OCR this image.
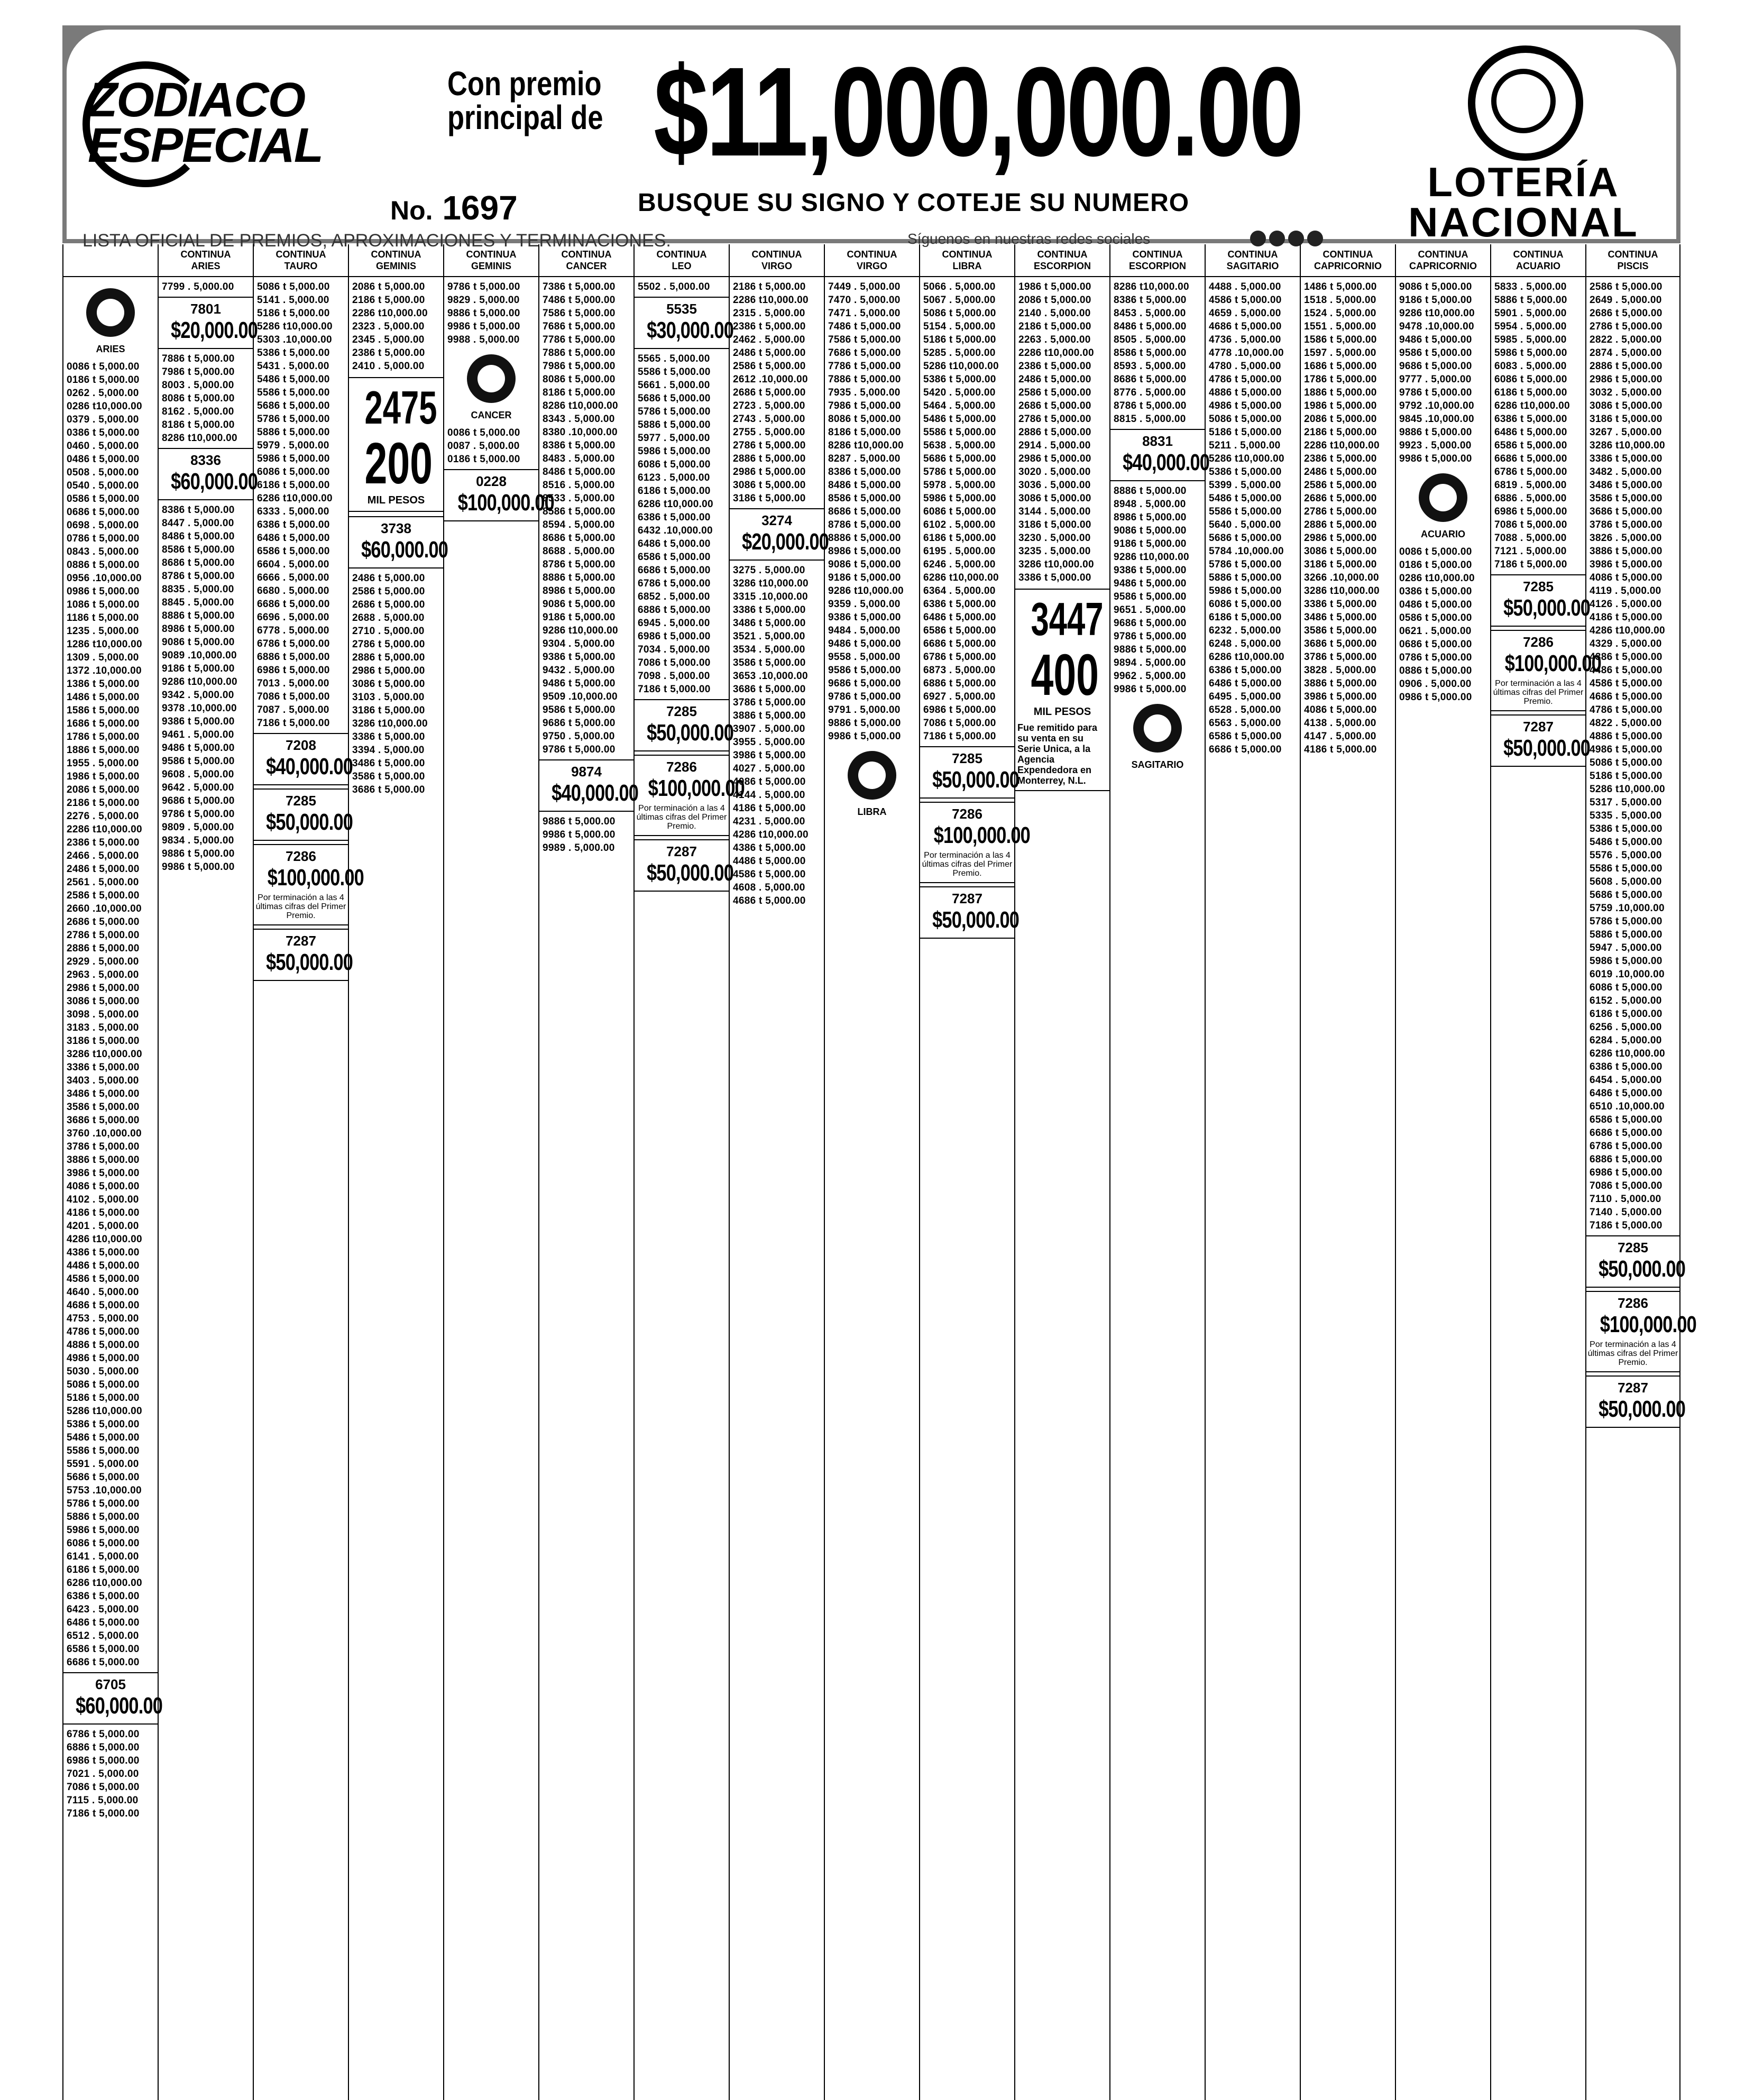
ZODIACO
ESPECIAL
No. 1697
Con premio
principal de $11,000,000.00
BUSQUE SU SIGNO Y COTEJE SU NUMERO
LISTA OFICIAL DE PREMIOS, APROXIMACIONES Y TERMINACIONES.	Síguenos en nuestras redes sociales
LOTERÍA
NACIONAL
ARIES
0086 t 5,000.00
0186 t 5,000.00
0262 . 5,000.00
0286 t10,000.00
0379 . 5,000.00
0386 t 5,000.00
0460 . 5,000.00
0486 t 5,000.00
0508 . 5,000.00
0540 . 5,000.00
0586 t 5,000.00
0686 t 5,000.00
0698 . 5,000.00
0786 t 5,000.00
0843 . 5,000.00
0886 t 5,000.00
0956 .10,000.00
0986 t 5,000.00
1086 t 5,000.00
1186 t 5,000.00
1235 . 5,000.00
1286 t10,000.00
1309 . 5,000.00
1372 .10,000.00
1386 t 5,000.00
1486 t 5,000.00
1586 t 5,000.00
1686 t 5,000.00
1786 t 5,000.00
1886 t 5,000.00
1955 . 5,000.00
1986 t 5,000.00
2086 t 5,000.00
2186 t 5,000.00
2276 . 5,000.00
2286 t10,000.00
2386 t 5,000.00
2466 . 5,000.00
2486 t 5,000.00
2561 . 5,000.00
2586 t 5,000.00
2660 .10,000.00
2686 t 5,000.00
2786 t 5,000.00
2886 t 5,000.00
2929 . 5,000.00
2963 . 5,000.00
2986 t 5,000.00
3086 t 5,000.00
3098 . 5,000.00
3183 . 5,000.00
3186 t 5,000.00
3286 t10,000.00
3386 t 5,000.00
3403 . 5,000.00
3486 t 5,000.00
3586 t 5,000.00
3686 t 5,000.00
3760 .10,000.00
3786 t 5,000.00
3886 t 5,000.00
3986 t 5,000.00
4086 t 5,000.00
4102 . 5,000.00
4186 t 5,000.00
4201 . 5,000.00
4286 t10,000.00
4386 t 5,000.00
4486 t 5,000.00
4586 t 5,000.00
4640 . 5,000.00
4686 t 5,000.00
4753 . 5,000.00
4786 t 5,000.00
4886 t 5,000.00
4986 t 5,000.00
5030 . 5,000.00
5086 t 5,000.00
5186 t 5,000.00
5286 t10,000.00
5386 t 5,000.00
5486 t 5,000.00
5586 t 5,000.00
5591 . 5,000.00
5686 t 5,000.00
5753 .10,000.00
5786 t 5,000.00
5886 t 5,000.00
5986 t 5,000.00
6086 t 5,000.00
6141 . 5,000.00
6186 t 5,000.00
6286 t10,000.00
6386 t 5,000.00
6423 . 5,000.00
6486 t 5,000.00
6512 . 5,000.00
6586 t 5,000.00
6686 t 5,000.00
6705
$60,000.00
6786 t 5,000.00
6886 t 5,000.00
6986 t 5,000.00
7021 . 5,000.00
7086 t 5,000.00
7115 . 5,000.00
7186 t 5,000.00
CONTINUA
ARIES
7799 . 5,000.00
7801
$20,000.00
7886 t 5,000.00
7986 t 5,000.00
8003 . 5,000.00
8086 t 5,000.00
8162 . 5,000.00
8186 t 5,000.00
8286 t10,000.00
8336
$60,000.00
8386 t 5,000.00
8447 . 5,000.00
8486 t 5,000.00
8586 t 5,000.00
8686 t 5,000.00
8786 t 5,000.00
8835 . 5,000.00
8845 . 5,000.00
8886 t 5,000.00
8986 t 5,000.00
9086 t 5,000.00
9089 .10,000.00
9186 t 5,000.00
9286 t10,000.00
9342 . 5,000.00
9378 .10,000.00
9386 t 5,000.00
9461 . 5,000.00
9486 t 5,000.00
9586 t 5,000.00
9608 . 5,000.00
9642 . 5,000.00
9686 t 5,000.00
9786 t 5,000.00
9809 . 5,000.00
9834 . 5,000.00
9886 t 5,000.00
9986 t 5,000.00
CONTINUA
TAURO
5086 t 5,000.00
5141 . 5,000.00
5186 t 5,000.00
5286 t10,000.00
5303 .10,000.00
5386 t 5,000.00
5431 . 5,000.00
5486 t 5,000.00
5586 t 5,000.00
5686 t 5,000.00
5786 t 5,000.00
5886 t 5,000.00
5979 . 5,000.00
5986 t 5,000.00
6086 t 5,000.00
6186 t 5,000.00
6286 t10,000.00
6333 . 5,000.00
6386 t 5,000.00
6486 t 5,000.00
6586 t 5,000.00
6604 . 5,000.00
6666 . 5,000.00
6680 . 5,000.00
6686 t 5,000.00
6696 . 5,000.00
6778 . 5,000.00
6786 t 5,000.00
6886 t 5,000.00
6986 t 5,000.00
7013 . 5,000.00
7086 t 5,000.00
7087 . 5,000.00
7186 t 5,000.00
7208
$40,000.00
7285
$50,000.00
7286
$100,000.00
Por terminación a las 4 últimas cifras del Primer Premio.
7287
$50,000.00
CONTINUA
GEMINIS
2086 t 5,000.00
2186 t 5,000.00
2286 t10,000.00
2323 . 5,000.00
2345 . 5,000.00
2386 t 5,000.00
2410 . 5,000.00
2475
200
MIL PESOS
3738
$60,000.00
2486 t 5,000.00
2586 t 5,000.00
2686 t 5,000.00
2688 . 5,000.00
2710 . 5,000.00
2786 t 5,000.00
2886 t 5,000.00
2986 t 5,000.00
3086 t 5,000.00
3103 . 5,000.00
3186 t 5,000.00
3286 t10,000.00
3386 t 5,000.00
3394 . 5,000.00
3486 t 5,000.00
3586 t 5,000.00
3686 t 5,000.00
CONTINUA
GEMINIS
9786 t 5,000.00
9829 . 5,000.00
9886 t 5,000.00
9986 t 5,000.00
9988 . 5,000.00
CANCER
0086 t 5,000.00
0087 . 5,000.00
0186 t 5,000.00
0228
$100,000.00
CONTINUA
CANCER
7386 t 5,000.00
7486 t 5,000.00
7586 t 5,000.00
7686 t 5,000.00
7786 t 5,000.00
7886 t 5,000.00
7986 t 5,000.00
8086 t 5,000.00
8186 t 5,000.00
8286 t10,000.00
8343 . 5,000.00
8380 .10,000.00
8386 t 5,000.00
8483 . 5,000.00
8486 t 5,000.00
8516 . 5,000.00
8533 . 5,000.00
8586 t 5,000.00
8594 . 5,000.00
8686 t 5,000.00
8688 . 5,000.00
8786 t 5,000.00
8886 t 5,000.00
8986 t 5,000.00
9086 t 5,000.00
9186 t 5,000.00
9286 t10,000.00
9304 . 5,000.00
9386 t 5,000.00
9432 . 5,000.00
9486 t 5,000.00
9509 .10,000.00
9586 t 5,000.00
9686 t 5,000.00
9750 . 5,000.00
9786 t 5,000.00
9874
$40,000.00
9886 t 5,000.00
9986 t 5,000.00
9989 . 5,000.00
CONTINUA
LEO
5502 . 5,000.00
5535
$30,000.00
5565 . 5,000.00
5586 t 5,000.00
5661 . 5,000.00
5686 t 5,000.00
5786 t 5,000.00
5886 t 5,000.00
5977 . 5,000.00
5986 t 5,000.00
6086 t 5,000.00
6123 . 5,000.00
6186 t 5,000.00
6286 t10,000.00
6386 t 5,000.00
6432 .10,000.00
6486 t 5,000.00
6586 t 5,000.00
6686 t 5,000.00
6786 t 5,000.00
6852 . 5,000.00
6886 t 5,000.00
6945 . 5,000.00
6986 t 5,000.00
7034 . 5,000.00
7086 t 5,000.00
7098 . 5,000.00
7186 t 5,000.00
7285
$50,000.00
7286
$100,000.00
Por terminación a las 4 últimas cifras del Primer Premio.
7287
$50,000.00
CONTINUA
VIRGO
2186 t 5,000.00
2286 t10,000.00
2315 . 5,000.00
2386 t 5,000.00
2462 . 5,000.00
2486 t 5,000.00
2586 t 5,000.00
2612 .10,000.00
2686 t 5,000.00
2723 . 5,000.00
2743 . 5,000.00
2755 . 5,000.00
2786 t 5,000.00
2886 t 5,000.00
2986 t 5,000.00
3086 t 5,000.00
3186 t 5,000.00
3274
$20,000.00
3275 . 5,000.00
3286 t10,000.00
3315 .10,000.00
3386 t 5,000.00
3486 t 5,000.00
3521 . 5,000.00
3534 . 5,000.00
3586 t 5,000.00
3653 .10,000.00
3686 t 5,000.00
3786 t 5,000.00
3886 t 5,000.00
3907 . 5,000.00
3955 . 5,000.00
3986 t 5,000.00
4027 . 5,000.00
4086 t 5,000.00
4144 . 5,000.00
4186 t 5,000.00
4231 . 5,000.00
4286 t10,000.00
4386 t 5,000.00
4486 t 5,000.00
4586 t 5,000.00
4608 . 5,000.00
4686 t 5,000.00
CONTINUA
VIRGO
7449 . 5,000.00
7470 . 5,000.00
7471 . 5,000.00
7486 t 5,000.00
7586 t 5,000.00
7686 t 5,000.00
7786 t 5,000.00
7886 t 5,000.00
7935 . 5,000.00
7986 t 5,000.00
8086 t 5,000.00
8186 t 5,000.00
8286 t10,000.00
8287 . 5,000.00
8386 t 5,000.00
8486 t 5,000.00
8586 t 5,000.00
8686 t 5,000.00
8786 t 5,000.00
8886 t 5,000.00
8986 t 5,000.00
9086 t 5,000.00
9186 t 5,000.00
9286 t10,000.00
9359 . 5,000.00
9386 t 5,000.00
9484 . 5,000.00
9486 t 5,000.00
9558 . 5,000.00
9586 t 5,000.00
9686 t 5,000.00
9786 t 5,000.00
9791 . 5,000.00
9886 t 5,000.00
9986 t 5,000.00
LIBRA
CONTINUA
LIBRA
5066 . 5,000.00
5067 . 5,000.00
5086 t 5,000.00
5154 . 5,000.00
5186 t 5,000.00
5285 . 5,000.00
5286 t10,000.00
5386 t 5,000.00
5420 . 5,000.00
5464 . 5,000.00
5486 t 5,000.00
5586 t 5,000.00
5638 . 5,000.00
5686 t 5,000.00
5786 t 5,000.00
5978 . 5,000.00
5986 t 5,000.00
6086 t 5,000.00
6102 . 5,000.00
6186 t 5,000.00
6195 . 5,000.00
6246 . 5,000.00
6286 t10,000.00
6364 . 5,000.00
6386 t 5,000.00
6486 t 5,000.00
6586 t 5,000.00
6686 t 5,000.00
6786 t 5,000.00
6873 . 5,000.00
6886 t 5,000.00
6927 . 5,000.00
6986 t 5,000.00
7086 t 5,000.00
7186 t 5,000.00
7285
$50,000.00
7286
$100,000.00
Por terminación a las 4 últimas cifras del Primer Premio.
7287
$50,000.00
CONTINUA
ESCORPION
1986 t 5,000.00
2086 t 5,000.00
2140 . 5,000.00
2186 t 5,000.00
2263 . 5,000.00
2286 t10,000.00
2386 t 5,000.00
2486 t 5,000.00
2586 t 5,000.00
2686 t 5,000.00
2786 t 5,000.00
2886 t 5,000.00
2914 . 5,000.00
2986 t 5,000.00
3020 . 5,000.00
3036 . 5,000.00
3086 t 5,000.00
3144 . 5,000.00
3186 t 5,000.00
3230 . 5,000.00
3235 . 5,000.00
3286 t10,000.00
3386 t 5,000.00
3447
400
MIL PESOS
Fue remitido para su venta en su Serie Unica, a la Agencia Expendedora en Monterrey, N.L.
CONTINUA
ESCORPION
8286 t10,000.00
8386 t 5,000.00
8453 . 5,000.00
8486 t 5,000.00
8505 . 5,000.00
8586 t 5,000.00
8593 . 5,000.00
8686 t 5,000.00
8776 . 5,000.00
8786 t 5,000.00
8815 . 5,000.00
8831
$40,000.00
8886 t 5,000.00
8948 . 5,000.00
8986 t 5,000.00
9086 t 5,000.00
9186 t 5,000.00
9286 t10,000.00
9386 t 5,000.00
9486 t 5,000.00
9586 t 5,000.00
9651 . 5,000.00
9686 t 5,000.00
9786 t 5,000.00
9886 t 5,000.00
9894 . 5,000.00
9962 . 5,000.00
9986 t 5,000.00
SAGITARIO
CONTINUA
SAGITARIO
4488 . 5,000.00
4586 t 5,000.00
4659 . 5,000.00
4686 t 5,000.00
4736 . 5,000.00
4778 .10,000.00
4780 . 5,000.00
4786 t 5,000.00
4886 t 5,000.00
4986 t 5,000.00
5086 t 5,000.00
5186 t 5,000.00
5211 . 5,000.00
5286 t10,000.00
5386 t 5,000.00
5399 . 5,000.00
5486 t 5,000.00
5586 t 5,000.00
5640 . 5,000.00
5686 t 5,000.00
5784 .10,000.00
5786 t 5,000.00
5886 t 5,000.00
5986 t 5,000.00
6086 t 5,000.00
6186 t 5,000.00
6232 . 5,000.00
6248 . 5,000.00
6286 t10,000.00
6386 t 5,000.00
6486 t 5,000.00
6495 . 5,000.00
6528 . 5,000.00
6563 . 5,000.00
6586 t 5,000.00
6686 t 5,000.00
CONTINUA
CAPRICORNIO
1486 t 5,000.00
1518 . 5,000.00
1524 . 5,000.00
1551 . 5,000.00
1586 t 5,000.00
1597 . 5,000.00
1686 t 5,000.00
1786 t 5,000.00
1886 t 5,000.00
1986 t 5,000.00
2086 t 5,000.00
2186 t 5,000.00
2286 t10,000.00
2386 t 5,000.00
2486 t 5,000.00
2586 t 5,000.00
2686 t 5,000.00
2786 t 5,000.00
2886 t 5,000.00
2986 t 5,000.00
3086 t 5,000.00
3186 t 5,000.00
3266 .10,000.00
3286 t10,000.00
3386 t 5,000.00
3486 t 5,000.00
3586 t 5,000.00
3686 t 5,000.00
3786 t 5,000.00
3828 . 5,000.00
3886 t 5,000.00
3986 t 5,000.00
4086 t 5,000.00
4138 . 5,000.00
4147 . 5,000.00
4186 t 5,000.00
CONTINUA
CAPRICORNIO
9086 t 5,000.00
9186 t 5,000.00
9286 t10,000.00
9478 .10,000.00
9486 t 5,000.00
9586 t 5,000.00
9686 t 5,000.00
9777 . 5,000.00
9786 t 5,000.00
9792 .10,000.00
9845 .10,000.00
9886 t 5,000.00
9923 . 5,000.00
9986 t 5,000.00
ACUARIO
0086 t 5,000.00
0186 t 5,000.00
0286 t10,000.00
0386 t 5,000.00
0486 t 5,000.00
0586 t 5,000.00
0621 . 5,000.00
0686 t 5,000.00
0786 t 5,000.00
0886 t 5,000.00
0906 . 5,000.00
0986 t 5,000.00
CONTINUA
ACUARIO
5833 . 5,000.00
5886 t 5,000.00
5901 . 5,000.00
5954 . 5,000.00
5985 . 5,000.00
5986 t 5,000.00
6083 . 5,000.00
6086 t 5,000.00
6186 t 5,000.00
6286 t10,000.00
6386 t 5,000.00
6486 t 5,000.00
6586 t 5,000.00
6686 t 5,000.00
6786 t 5,000.00
6819 . 5,000.00
6886 . 5,000.00
6986 t 5,000.00
7086 t 5,000.00
7088 . 5,000.00
7121 . 5,000.00
7186 t 5,000.00
7285
$50,000.00
7286
$100,000.00
Por terminación a las 4 últimas cifras del Primer Premio.
7287
$50,000.00
CONTINUA
PISCIS
2586 t 5,000.00
2649 . 5,000.00
2686 t 5,000.00
2786 t 5,000.00
2822 . 5,000.00
2874 . 5,000.00
2886 t 5,000.00
2986 t 5,000.00
3032 . 5,000.00
3086 t 5,000.00
3186 t 5,000.00
3267 . 5,000.00
3286 t10,000.00
3386 t 5,000.00
3482 . 5,000.00
3486 t 5,000.00
3586 t 5,000.00
3686 t 5,000.00
3786 t 5,000.00
3826 . 5,000.00
3886 t 5,000.00
3986 t 5,000.00
4086 t 5,000.00
4119 . 5,000.00
4126 . 5,000.00
4186 t 5,000.00
4286 t10,000.00
4329 . 5,000.00
4386 t 5,000.00
4486 t 5,000.00
4586 t 5,000.00
4686 t 5,000.00
4786 t 5,000.00
4822 . 5,000.00
4886 t 5,000.00
4986 t 5,000.00
5086 t 5,000.00
5186 t 5,000.00
5286 t10,000.00
5317 . 5,000.00
5335 . 5,000.00
5386 t 5,000.00
5486 t 5,000.00
5576 . 5,000.00
5586 t 5,000.00
5608 . 5,000.00
5686 t 5,000.00
5759 .10,000.00
5786 t 5,000.00
5886 t 5,000.00
5947 . 5,000.00
5986 t 5,000.00
6019 .10,000.00
6086 t 5,000.00
6152 . 5,000.00
6186 t 5,000.00
6256 . 5,000.00
6284 . 5,000.00
6286 t10,000.00
6386 t 5,000.00
6454 . 5,000.00
6486 t 5,000.00
6510 .10,000.00
6586 t 5,000.00
6686 t 5,000.00
6786 t 5,000.00
6886 t 5,000.00
6986 t 5,000.00
7086 t 5,000.00
7110 . 5,000.00
7140 . 5,000.00
7186 t 5,000.00
7285
$50,000.00
7286
$100,000.00
Por terminación a las 4 últimas cifras del Primer Premio.
7287
$50,000.00
